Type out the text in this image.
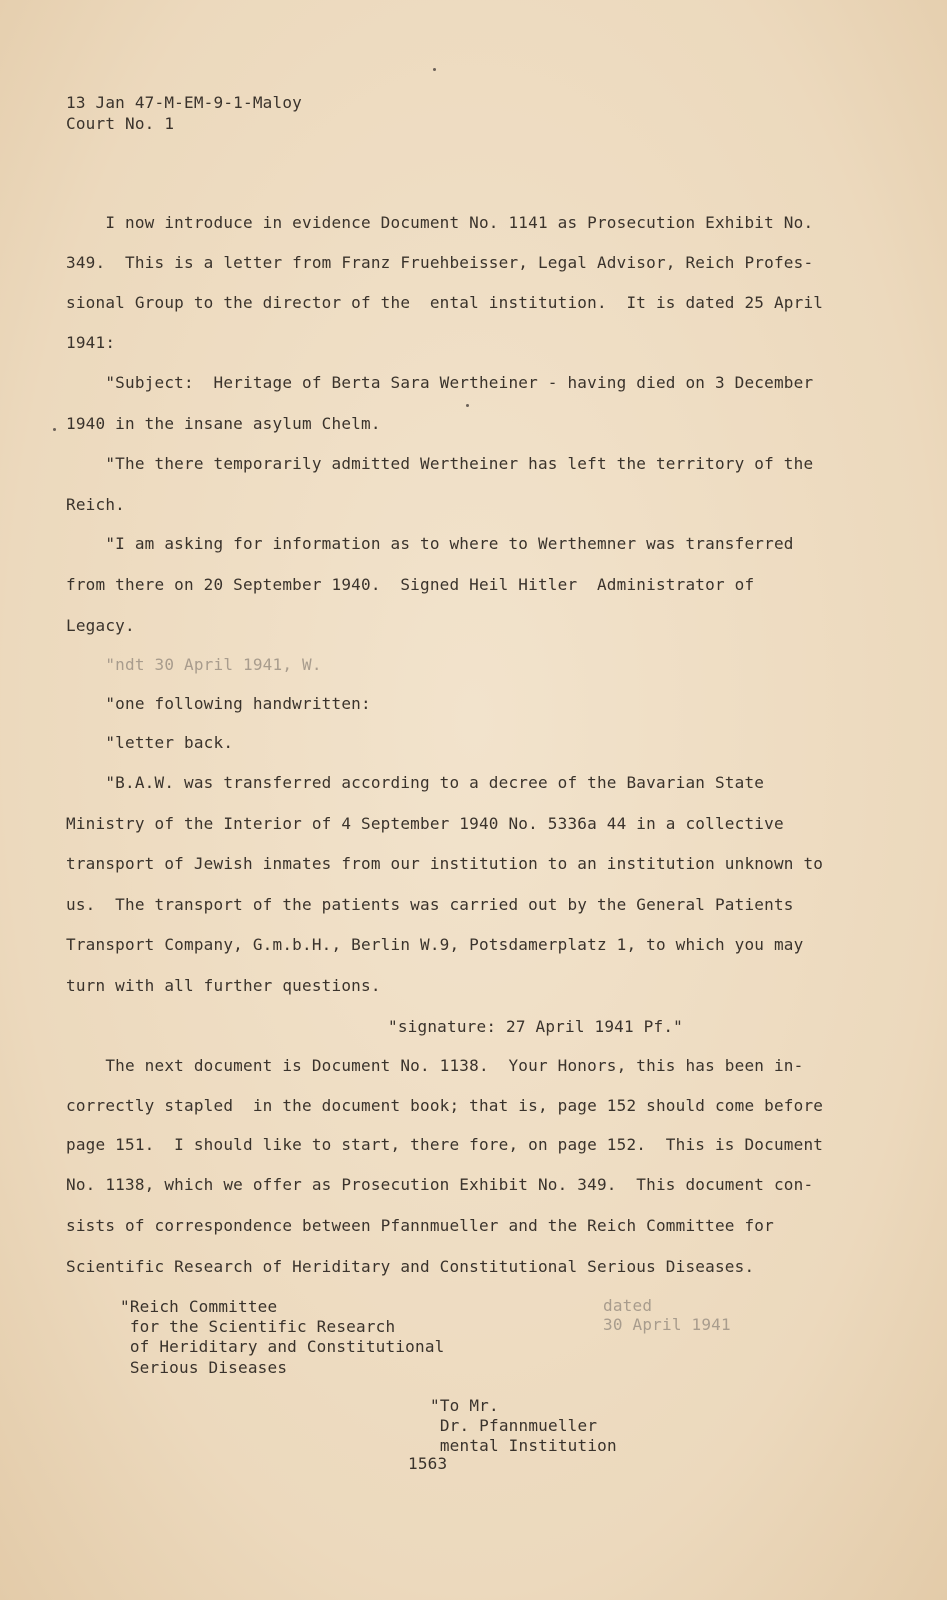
13 Jan 47-M-EM-9-1-Maloy
Court No. 1
I now introduce in evidence Document No. 1141 as Prosecution Exhibit No.
349.  This is a letter from Franz Fruehbeisser, Legal Advisor, Reich Profes-
sional Group to the director of the  ental institution.  It is dated 25 April
1941:
"Subject:  Heritage of Berta Sara Wertheiner - having died on 3 December
1940 in the insane asylum Chelm.
"The there temporarily admitted Wertheiner has left the territory of the
Reich.
"I am asking for information as to where to Werthemner was transferred
from there on 20 September 1940.  Signed Heil Hitler  Administrator of
Legacy.
"ndt 30 April 1941, W.
"one following handwritten:
"letter back.
"B.A.W. was transferred according to a decree of the Bavarian State
Ministry of the Interior of 4 September 1940 No. 5336a 44 in a collective
transport of Jewish inmates from our institution to an institution unknown to
us.  The transport of the patients was carried out by the General Patients
Transport Company, G.m.b.H., Berlin W.9, Potsdamerplatz 1, to which you may
turn with all further questions.
"signature: 27 April 1941 Pf."
The next document is Document No. 1138.  Your Honors, this has been in-
correctly stapled  in the document book; that is, page 152 should come before
page 151.  I should like to start, there fore, on page 152.  This is Document
No. 1138, which we offer as Prosecution Exhibit No. 349.  This document con-
sists of correspondence between Pfannmueller and the Reich Committee for
Scientific Research of Heriditary and Constitutional Serious Diseases.
"Reich Committee
for the Scientific Research
of Heriditary and Constitutional
Serious Diseases
dated
30 April 1941
"To Mr.
Dr. Pfannmueller
mental Institution
1563
